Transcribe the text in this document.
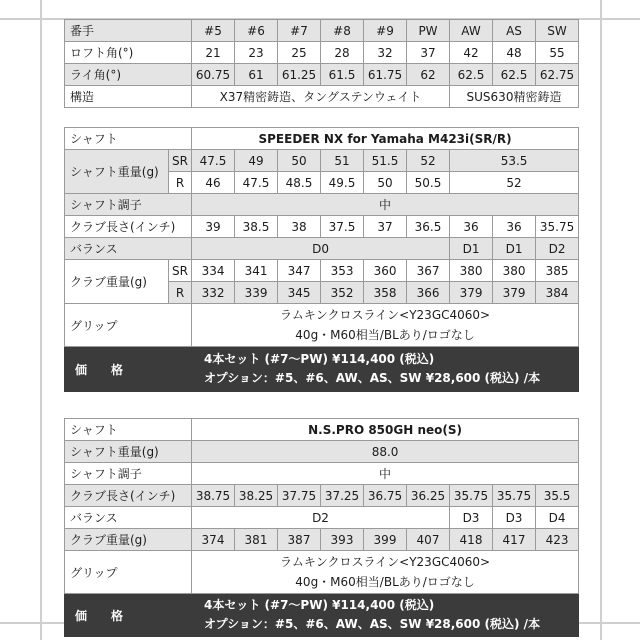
番手	#5	#6	#7	#8	#9	PW	AW	AS	SW
ロフト角(°)	21	23	25	28	32	37	42	48	55
ライ角(°)	60.75	61	61.25	61.5	61.75	62	62.5	62.5	62.75
構造	X37精密鋳造、タングステンウェイト						SUS630精密鋳造		
シャフト		SPEEDER NX for Yamaha M423i(SR/R)								
シャフト重量(g)	SR	47.5	49	50	51	51.5	52	53.5		
	R	46	47.5	48.5	49.5	50	50.5	52		
シャフト調子		中								
クラブ長さ(インチ)		39	38.5	38	37.5	37	36.5	36	36	35.75
バランス		D0						D1	D1	D2
クラブ重量(g)	SR	334	341	347	353	360	367	380	380	385
	R	332	339	345	352	358	366	379	379	384
グリップ		ラムキンクロスライン<Y23GC4060>
40g・M60相当/BLあり/ロゴなし								

価　格		4本セット (#7〜PW) ¥114,400 (税込)
オプション：#5、#6、AW、AS、SW ¥28,600 (税込) /本								
シャフト	N.S.PRO 850GH neo(S)								
シャフト重量(g)	88.0								
シャフト調子	中								
クラブ長さ(インチ)	38.75	38.25	37.75	37.25	36.75	36.25	35.75	35.75	35.5
バランス	D2						D3	D3	D4
クラブ重量(g)	374	381	387	393	399	407	418	417	423
グリップ	ラムキンクロスライン<Y23GC4060>
40g・M60相当/BLあり/ロゴなし								

価　格	4本セット (#7〜PW) ¥114,400 (税込)
オプション：#5、#6、AW、AS、SW ¥28,600 (税込) /本								
